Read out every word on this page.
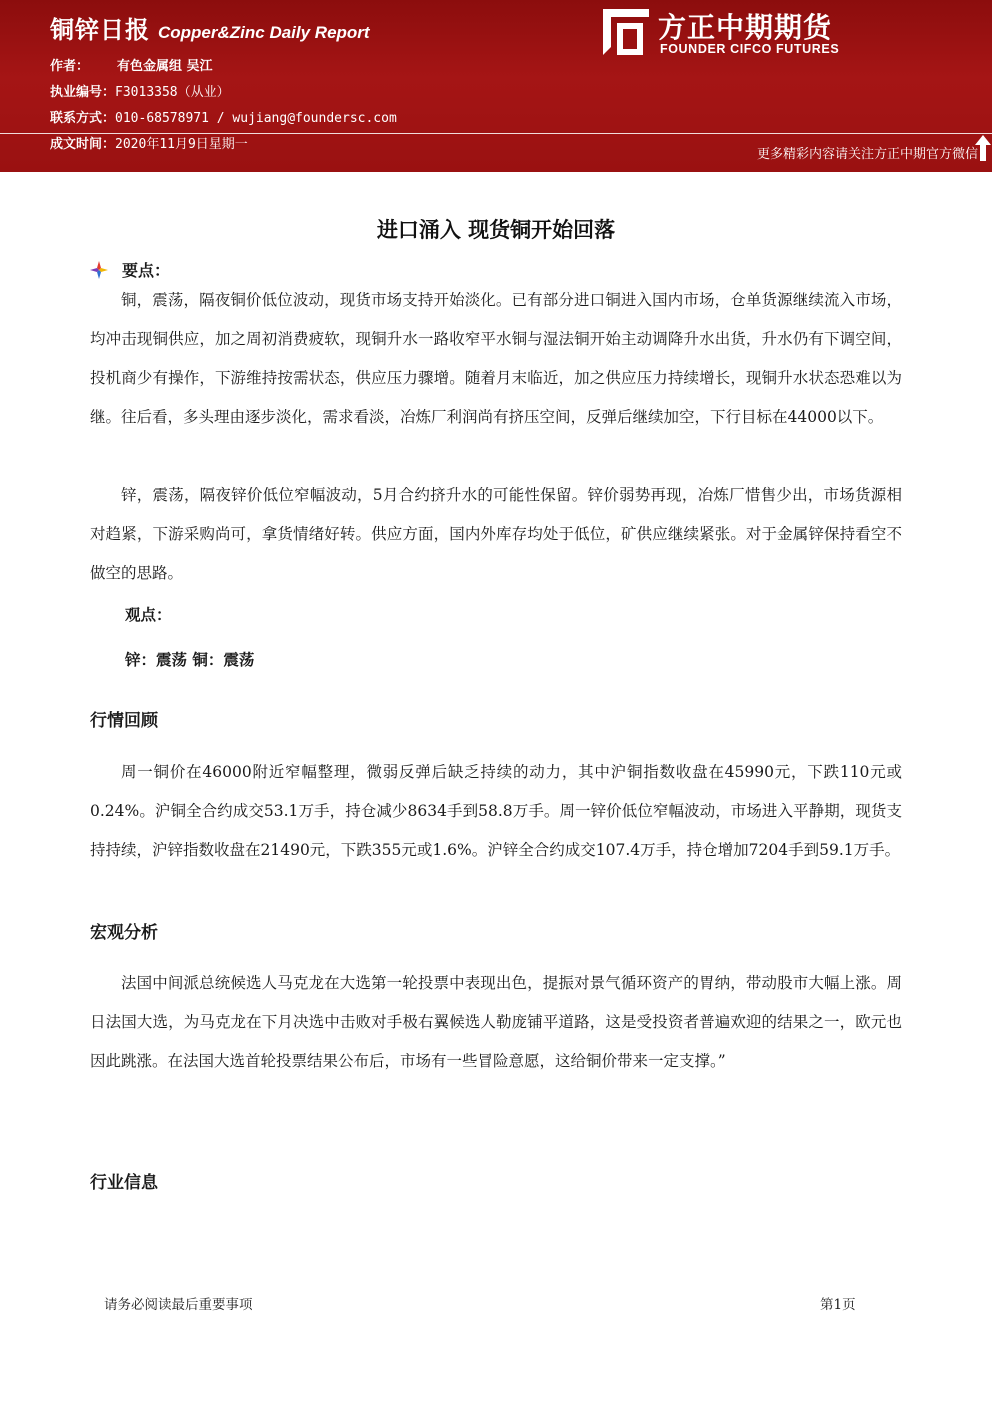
铜锌日报 Copper&Zinc Daily Report
作者： 有色金属组 吴江
执业编号：F3013358（从业）
联系方式：010-68578971 / wujiang@foundersc.com
成文时间：2020年11月9日星期一
方正中期期货
FOUNDER CIFCO FUTURES
更多精彩内容请关注方正中期官方微信
进口涌入 现货铜开始回落
要点：

铜，震荡，隔夜铜价低位波动，现货市场支持开始淡化。已有部分进口铜进入国内市场，仓单货源继续流入市场，均冲击现铜供应，加之周初消费疲软，现铜升水一路收窄平水铜与湿法铜开始主动调降升水出货，升水仍有下调空间，投机商少有操作，下游维持按需状态，供应压力骤增。随着月末临近，加之供应压力持续增长，现铜升水状态恐难以为继。往后看，多头理由逐步淡化，需求看淡，冶炼厂利润尚有挤压空间，反弹后继续加空，下行目标在44000以下。

锌，震荡，隔夜锌价低位窄幅波动，5月合约挤升水的可能性保留。锌价弱势再现，冶炼厂惜售少出，市场货源相对趋紧，下游采购尚可，拿货情绪好转。供应方面，国内外库存均处于低位，矿供应继续紧张。对于金属锌保持看空不做空的思路。

观点：
锌：震荡 铜：震荡
行情回顾

周一铜价在46000附近窄幅整理，微弱反弹后缺乏持续的动力，其中沪铜指数收盘在45990元，下跌110元或0.24%。沪铜全合约成交53.1万手，持仓减少8634手到58.8万手。周一锌价低位窄幅波动，市场进入平静期，现货支持持续，沪锌指数收盘在21490元，下跌355元或1.6%。沪锌全合约成交107.4万手，持仓增加7204手到59.1万手。

宏观分析

法国中间派总统候选人马克龙在大选第一轮投票中表现出色，提振对景气循环资产的胃纳，带动股市大幅上涨。周日法国大选，为马克龙在下月决选中击败对手极右翼候选人勒庞铺平道路，这是受投资者普遍欢迎的结果之一，欧元也因此跳涨。在法国大选首轮投票结果公布后，市场有一些冒险意愿，这给铜价带来一定支撑。”

行业信息
请务必阅读最后重要事项	第1页
